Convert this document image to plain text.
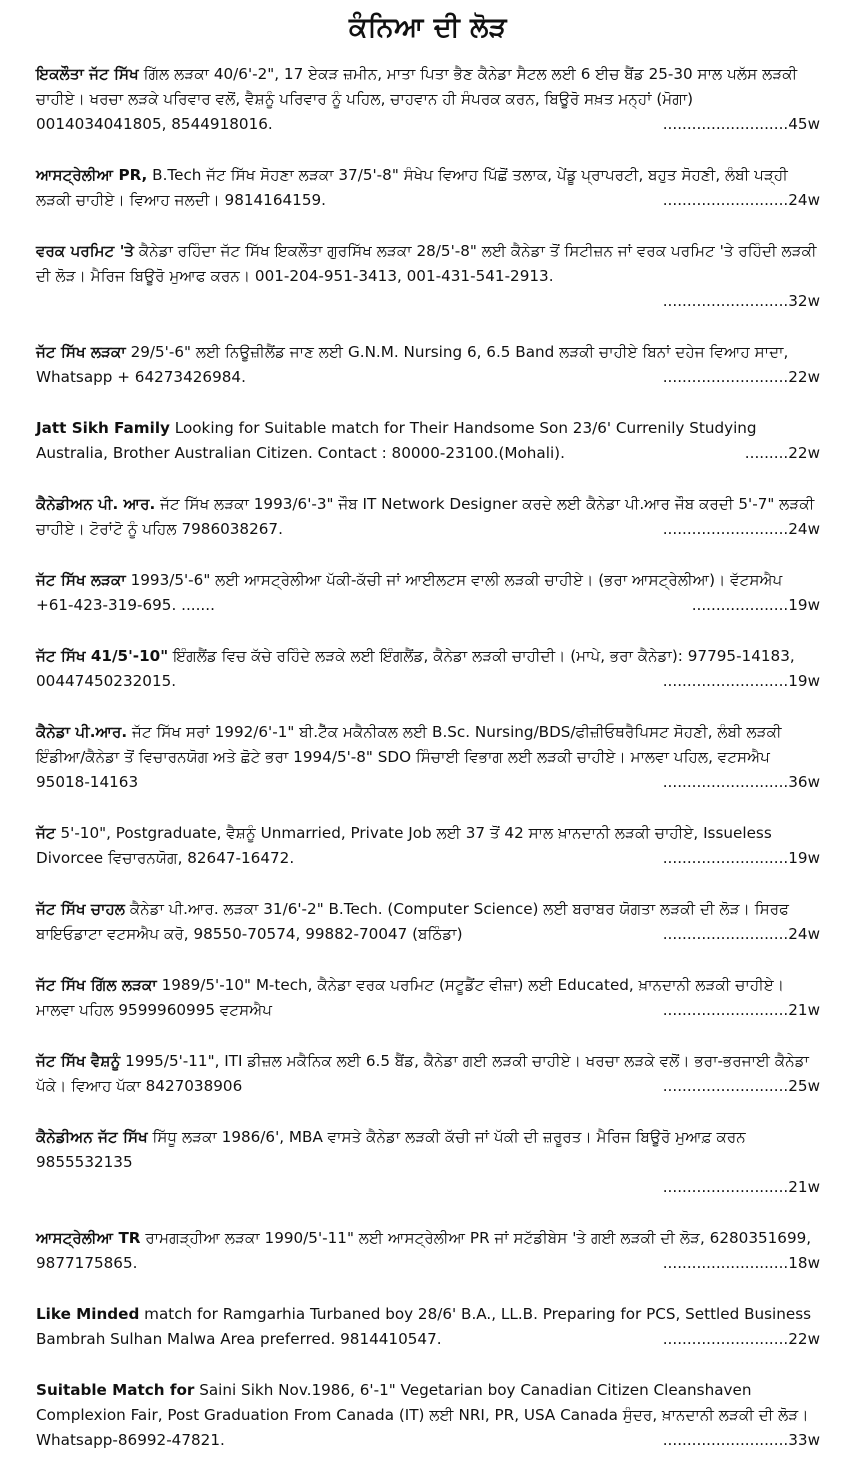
ਕੰਨਿਆ ਦੀ ਲੋੜ
ਇਕਲੌਤਾ ਜੱਟ ਸਿੱਖ ਗਿੱਲ ਲੜਕਾ 40/6'-2", 17 ਏਕੜ ਜ਼ਮੀਨ, ਮਾਤਾ ਪਿਤਾ ਭੈਣ ਕੈਨੇਡਾ ਸੈਟਲ ਲਈ 6 ਈਚ ਬੈਂਡ 25-30 ਸਾਲ ਪਲੱਸ ਲੜਕੀ ਚਾਹੀਏ। ਖਰਚਾ ਲੜਕੇ ਪਰਿਵਾਰ ਵਲੋਂ, ਵੈਸ਼ਨੂੰ ਪਰਿਵਾਰ ਨੂੰ ਪਹਿਲ, ਚਾਹਵਾਨ ਹੀ ਸੰਪਰਕ ਕਰਨ, ਬਿਊਰੋ ਸਖ਼ਤ ਮਨ੍ਹਾਂ (ਮੋਗਾ) 0014034041805, 8544918016.	..........................45w
ਆਸਟ੍ਰੇਲੀਆ PR, B.Tech ਜੱਟ ਸਿੱਖ ਸੋਹਣਾ ਲੜਕਾ 37/5'-8" ਸੰਖੇਪ ਵਿਆਹ ਪਿੱਛੋਂ ਤਲਾਕ, ਪੇਂਡੂ ਪ੍ਰਾਪਰਟੀ, ਬਹੁਤ ਸੋਹਣੀ, ਲੰਬੀ ਪੜ੍ਹੀ ਲੜਕੀ ਚਾਹੀਏ। ਵਿਆਹ ਜਲਦੀ। 9814164159.	..........................24w
ਵਰਕ ਪਰਮਿਟ 'ਤੇ ਕੈਨੇਡਾ ਰਹਿੰਦਾ ਜੱਟ ਸਿੱਖ ਇਕਲੌਤਾ ਗੁਰਸਿੱਖ ਲੜਕਾ 28/5'-8" ਲਈ ਕੈਨੇਡਾ ਤੋਂ ਸਿਟੀਜ਼ਨ ਜਾਂ ਵਰਕ ਪਰਮਿਟ 'ਤੇ ਰਹਿੰਦੀ ਲੜਕੀ ਦੀ ਲੋੜ। ਮੈਰਿਜ ਬਿਊਰੋ ਮੁਆਫ ਕਰਨ। 001-204-951-3413, 001-431-541-2913.
..........................32w
ਜੱਟ ਸਿੱਖ ਲੜਕਾ 29/5'-6" ਲਈ ਨਿਊਜ਼ੀਲੈਂਡ ਜਾਣ ਲਈ G.N.M. Nursing 6, 6.5 Band ਲੜਕੀ ਚਾਹੀਏ ਬਿਨਾਂ ਦਹੇਜ ਵਿਆਹ ਸਾਦਾ, Whatsapp + 64273426984.	..........................22w
Jatt Sikh Family Looking for Suitable match for Their Handsome Son 23/6' Currenily Studying Australia, Brother Australian Citizen. Contact : 80000-23100.(Mohali).	.........22w
ਕੈਨੇਡੀਅਨ ਪੀ. ਆਰ. ਜੱਟ ਸਿੱਖ ਲੜਕਾ 1993/6'-3" ਜੌਬ IT Network Designer ਕਰਦੇ ਲਈ ਕੈਨੇਡਾ ਪੀ.ਆਰ ਜੌਬ ਕਰਦੀ 5'-7" ਲੜਕੀ ਚਾਹੀਏ। ਟੋਰਾਂਟੋ ਨੂੰ ਪਹਿਲ 7986038267.	..........................24w
ਜੱਟ ਸਿੱਖ ਲੜਕਾ 1993/5'-6" ਲਈ ਆਸਟ੍ਰੇਲੀਆ ਪੱਕੀ-ਕੱਚੀ ਜਾਂ ਆਈਲਟਸ ਵਾਲੀ ਲੜਕੀ ਚਾਹੀਏ। (ਭਰਾ ਆਸਟ੍ਰੇਲੀਆ)। ਵੱਟਸਐਪ +61-423-319-695. .......	....................19w
ਜੱਟ ਸਿੱਖ 41/5'-10" ਇੰਗਲੈਂਡ ਵਿਚ ਕੱਚੇ ਰਹਿੰਦੇ ਲੜਕੇ ਲਈ ਇੰਗਲੈਂਡ, ਕੈਨੇਡਾ ਲੜਕੀ ਚਾਹੀਦੀ। (ਮਾਪੇ, ਭਰਾ ਕੈਨੇਡਾ): 97795-14183, 00447450232015.	..........................19w
ਕੈਨੇਡਾ ਪੀ.ਆਰ. ਜੱਟ ਸਿੱਖ ਸਰਾਂ 1992/6'-1" ਬੀ.ਟੈੱਕ ਮਕੈਨੀਕਲ ਲਈ B.Sc. Nursing/BDS/ਫੀਜ਼ੀਓਥਰੈਪਿਸਟ ਸੋਹਣੀ, ਲੰਬੀ ਲੜਕੀ ਇੰਡੀਆ/ਕੈਨੇਡਾ ਤੋਂ ਵਿਚਾਰਨਯੋਗ ਅਤੇ ਛੋਟੇ ਭਰਾ 1994/5'-8" SDO ਸਿੰਚਾਈ ਵਿਭਾਗ ਲਈ ਲੜਕੀ ਚਾਹੀਏ। ਮਾਲਵਾ ਪਹਿਲ, ਵਟਸਐਪ 95018-14163	..........................36w
ਜੱਟ 5'-10", Postgraduate, ਵੈਸ਼ਨੂੰ Unmarried, Private Job ਲਈ 37 ਤੋਂ 42 ਸਾਲ ਖ਼ਾਨਦਾਨੀ ਲੜਕੀ ਚਾਹੀਏ, Issueless Divorcee ਵਿਚਾਰਨਯੋਗ, 82647-16472.	..........................19w
ਜੱਟ ਸਿੱਖ ਚਾਹਲ ਕੈਨੇਡਾ ਪੀ.ਆਰ. ਲੜਕਾ 31/6'-2" B.Tech. (Computer Science) ਲਈ ਬਰਾਬਰ ਯੋਗਤਾ ਲੜਕੀ ਦੀ ਲੋੜ। ਸਿਰਫ ਬਾਇਓਡਾਟਾ ਵਟਸਐਪ ਕਰੋ, 98550-70574, 99882-70047 (ਬਠਿੰਡਾ)	..........................24w
ਜੱਟ ਸਿੱਖ ਗਿੱਲ ਲੜਕਾ 1989/5'-10" M-tech, ਕੈਨੇਡਾ ਵਰਕ ਪਰਮਿਟ (ਸਟੂਡੈਂਟ ਵੀਜ਼ਾ) ਲਈ Educated, ਖ਼ਾਨਦਾਨੀ ਲੜਕੀ ਚਾਹੀਏ। ਮਾਲਵਾ ਪਹਿਲ 9599960995 ਵਟਸਐਪ	..........................21w
ਜੱਟ ਸਿੱਖ ਵੈਸ਼ਨੂੰ 1995/5'-11", ITI ਡੀਜ਼ਲ ਮਕੈਨਿਕ ਲਈ 6.5 ਬੈਂਡ, ਕੈਨੇਡਾ ਗਈ ਲੜਕੀ ਚਾਹੀਏ। ਖਰਚਾ ਲੜਕੇ ਵਲੋਂ। ਭਰਾ-ਭਰਜਾਈ ਕੈਨੇਡਾ ਪੱਕੇ। ਵਿਆਹ ਪੱਕਾ 8427038906	..........................25w
ਕੈਨੇਡੀਅਨ ਜੱਟ ਸਿੱਖ ਸਿੱਧੂ ਲੜਕਾ 1986/6', MBA ਵਾਸਤੇ ਕੈਨੇਡਾ ਲੜਕੀ ਕੱਚੀ ਜਾਂ ਪੱਕੀ ਦੀ ਜ਼ਰੂਰਤ। ਮੈਰਿਜ ਬਿਊਰੋ ਮੁਆਫ਼ ਕਰਨ 9855532135
..........................21w
ਆਸਟ੍ਰੇਲੀਆ TR ਰਾਮਗੜ੍ਹੀਆ ਲੜਕਾ 1990/5'-11" ਲਈ ਆਸਟ੍ਰੇਲੀਆ PR ਜਾਂ ਸਟੱਡੀਬੇਸ 'ਤੇ ਗਈ ਲੜਕੀ ਦੀ ਲੋੜ, 6280351699, 9877175865.	..........................18w
Like Minded match for Ramgarhia Turbaned boy 28/6' B.A., LL.B. Preparing for PCS, Settled Business Bambrah Sulhan Malwa Area preferred. 9814410547.	..........................22w
Suitable Match for Saini Sikh Nov.1986, 6'-1" Vegetarian boy Canadian Citizen Cleanshaven Complexion Fair, Post Graduation From Canada (IT) ਲਈ NRI, PR, USA Canada ਸੁੰਦਰ, ਖ਼ਾਨਦਾਨੀ ਲੜਕੀ ਦੀ ਲੋੜ। Whatsapp-86992-47821.	..........................33w
